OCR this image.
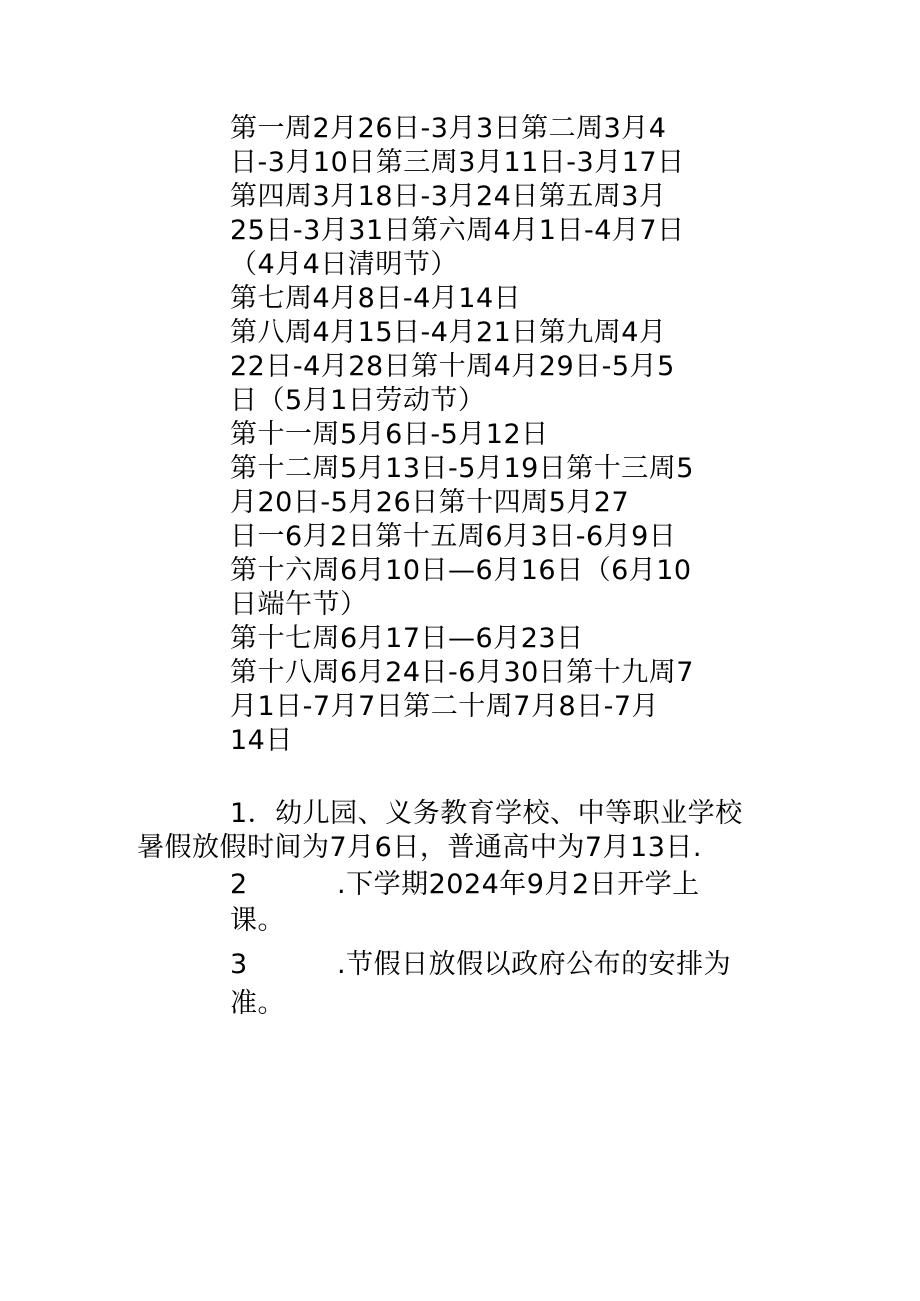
第一周2月26日-3月3日第二周3月4
日-3月10日第三周3月11日-3月17日
第四周3月18日-3月24日第五周3月
25日-3月31日第六周4月1日-4月7日
（4月4日清明节）
第七周4月8日-4月14日
第八周4月15日-4月21日第九周4月
22日-4月28日第十周4月29日-5月5
日（5月1日劳动节）
第十一周5月6日-5月12日
第十二周5月13日-5月19日第十三周5
月20日-5月26日第十四周5月27
日一6月2日第十五周6月3日-6月9日
第十六周6月10日—6月16日（6月10
日端午节）
第十七周6月17日—6月23日
第十八周6月24日-6月30日第十九周7
月1日-7月7日第二十周7月8日-7月
14日
1．幼儿园、义务教育学校、中等职业学校
暑假放假时间为7月6日，普通高中为7月13日.
2	.下学期2024年9月2日开学上
课。
3	.节假日放假以政府公布的安排为
准。
